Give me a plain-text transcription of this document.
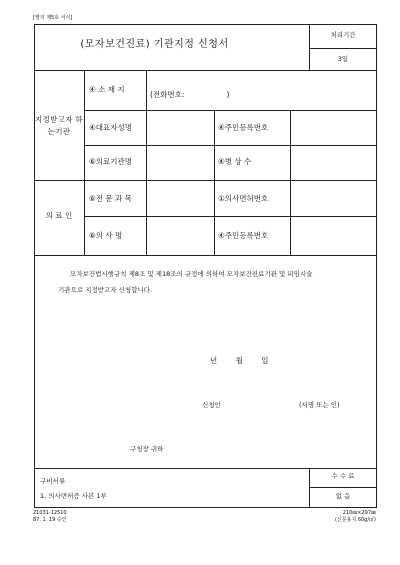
[별지 제5호 서식]
(모자보건진료) 기관지정 신청서
처리기간
3일
지정받고자 하는기관
의 료 인
④ 소 재 지
(전화번호:	)
④대표자성명	④주민등록번호
⑥의료기관명	④병 상 수
⑥전 문 과 목	①의사면허번호
⑥의 사 명	④주민등록번호
모자보건법시행규칙 제8조 및 제18조의 규정에 의하여 모자보건진료기관 및 피임시술
기관으로 지정받고자 신청합니다.
년 월 일
신청인	(서명 또는 인)
구청장 귀하
구비서류
1. 의사면허증 사본 1부
수 수 료
없 음
21031-12510
87. 1. 19 승인
210㎜×297㎜
(신문용지 60g/㎡)
